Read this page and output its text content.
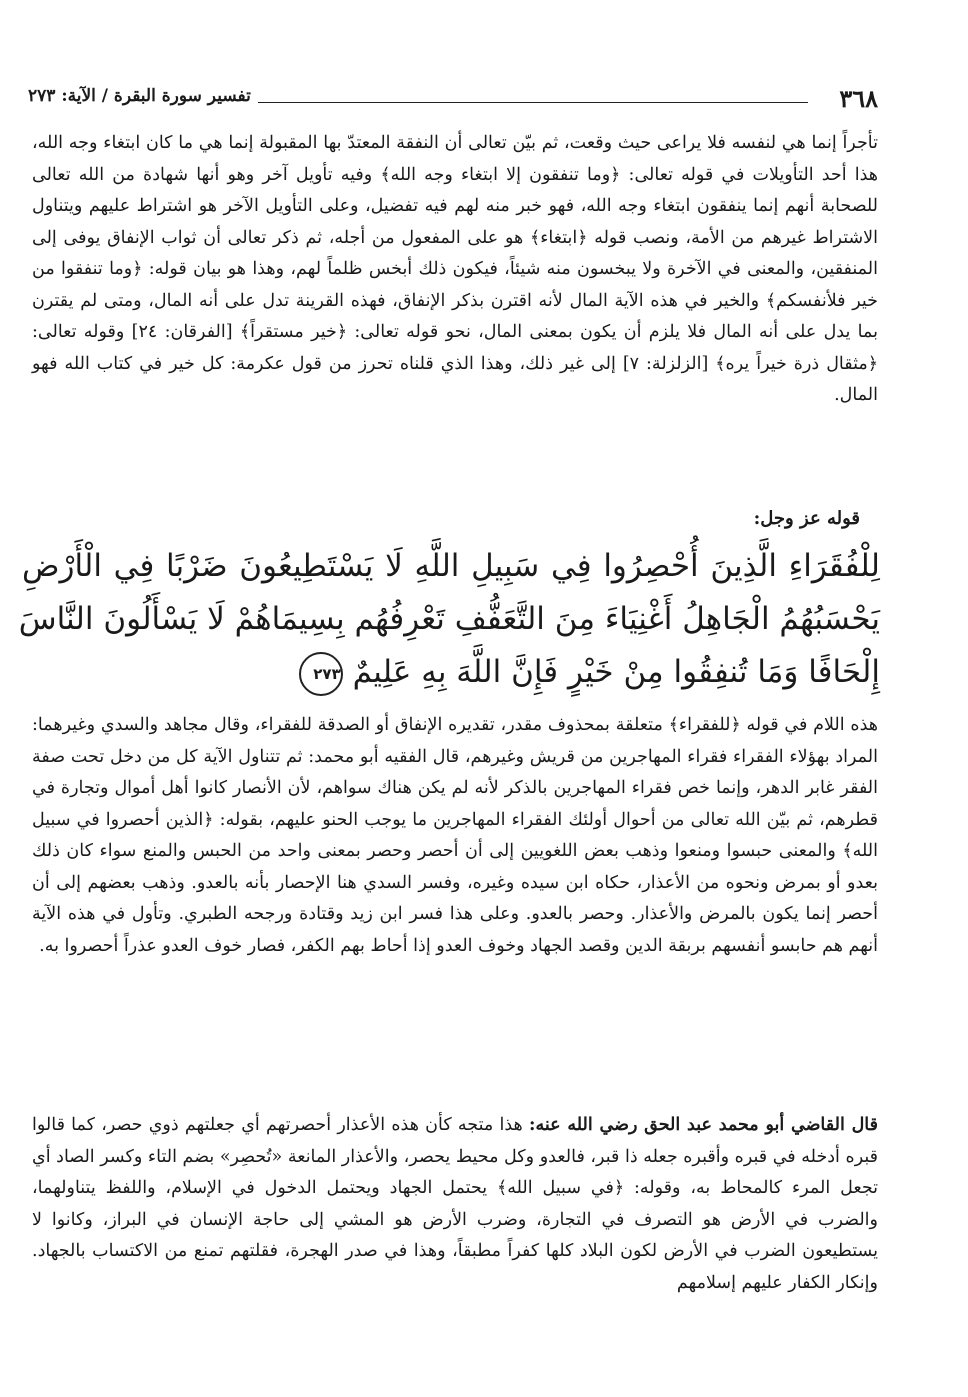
٣٦٨
تفسير سورة البقرة / الآية: ٢٧٣

تأجراً إنما هي لنفسه فلا يراعى حيث وقعت، ثم بيّن تعالى أن النفقة المعتدّ بها المقبولة إنما هي ما كان ابتغاء وجه الله، هذا أحد التأويلات في قوله تعالى: ﴿وما تنفقون إلا ابتغاء وجه الله﴾ وفيه تأويل آخر وهو أنها شهادة من الله تعالى للصحابة أنهم إنما ينفقون ابتغاء وجه الله، فهو خبر منه لهم فيه تفضيل، وعلى التأويل الآخر هو اشتراط عليهم ويتناول الاشتراط غيرهم من الأمة، ونصب قوله ﴿ابتغاء﴾ هو على المفعول من أجله، ثم ذكر تعالى أن ثواب الإنفاق يوفى إلى المنفقين، والمعنى في الآخرة ولا يبخسون منه شيئاً، فيكون ذلك أبخس ظلماً لهم، وهذا هو بيان قوله: ﴿وما تنفقوا من خير فلأنفسكم﴾ والخير في هذه الآية المال لأنه اقترن بذكر الإنفاق، فهذه القرينة تدل على أنه المال، ومتى لم يقترن بما يدل على أنه المال فلا يلزم أن يكون بمعنى المال، نحو قوله تعالى: ﴿خير مستقراً﴾ [الفرقان: ٢٤] وقوله تعالى: ﴿مثقال ذرة خيراً يره﴾ [الزلزلة: ٧] إلى غير ذلك، وهذا الذي قلناه تحرز من قول عكرمة: كل خير في كتاب الله فهو المال.

قوله عز وجل:
لِلْفُقَرَاءِ الَّذِينَ أُحْصِرُوا فِي سَبِيلِ اللَّهِ لَا يَسْتَطِيعُونَ ضَرْبًا فِي الْأَرْضِ
يَحْسَبُهُمُ الْجَاهِلُ أَغْنِيَاءَ مِنَ التَّعَفُّفِ تَعْرِفُهُم بِسِيمَاهُمْ لَا يَسْأَلُونَ النَّاسَ
إِلْحَافًا وَمَا تُنفِقُوا مِنْ خَيْرٍ فَإِنَّ اللَّهَ بِهِ عَلِيمٌ ٢٧٣

هذه اللام في قوله ﴿للفقراء﴾ متعلقة بمحذوف مقدر، تقديره الإنفاق أو الصدقة للفقراء، وقال مجاهد والسدي وغيرهما: المراد بهؤلاء الفقراء فقراء المهاجرين من قريش وغيرهم، قال الفقيه أبو محمد: ثم تتناول الآية كل من دخل تحت صفة الفقر غابر الدهر، وإنما خص فقراء المهاجرين بالذكر لأنه لم يكن هناك سواهم، لأن الأنصار كانوا أهل أموال وتجارة في قطرهم، ثم بيّن الله تعالى من أحوال أولئك الفقراء المهاجرين ما يوجب الحنو عليهم، بقوله: ﴿الذين أحصروا في سبيل الله﴾ والمعنى حبسوا ومنعوا وذهب بعض اللغويين إلى أن أحصر وحصر بمعنى واحد من الحبس والمنع سواء كان ذلك بعدو أو بمرض ونحوه من الأعذار، حكاه ابن سيده وغيره، وفسر السدي هنا الإحصار بأنه بالعدو. وذهب بعضهم إلى أن أحصر إنما يكون بالمرض والأعذار. وحصر بالعدو. وعلى هذا فسر ابن زيد وقتادة ورجحه الطبري. وتأول في هذه الآية أنهم هم حابسو أنفسهم بربقة الدين وقصد الجهاد وخوف العدو إذا أحاط بهم الكفر، فصار خوف العدو عذراً أحصروا به.

قال القاضي أبو محمد عبد الحق رضي الله عنه: هذا متجه كأن هذه الأعذار أحصرتهم أي جعلتهم ذوي حصر، كما قالوا قبره أدخله في قبره وأقبره جعله ذا قبر، فالعدو وكل محيط يحصر، والأعذار المانعة «تُحصِر» بضم التاء وكسر الصاد أي تجعل المرء كالمحاط به، وقوله: ﴿في سبيل الله﴾ يحتمل الجهاد ويحتمل الدخول في الإسلام، واللفظ يتناولهما، والضرب في الأرض هو التصرف في التجارة، وضرب الأرض هو المشي إلى حاجة الإنسان في البراز، وكانوا لا يستطيعون الضرب في الأرض لكون البلاد كلها كفراً مطبقاً، وهذا في صدر الهجرة، فقلتهم تمنع من الاكتساب بالجهاد. وإنكار الكفار عليهم إسلامهم
